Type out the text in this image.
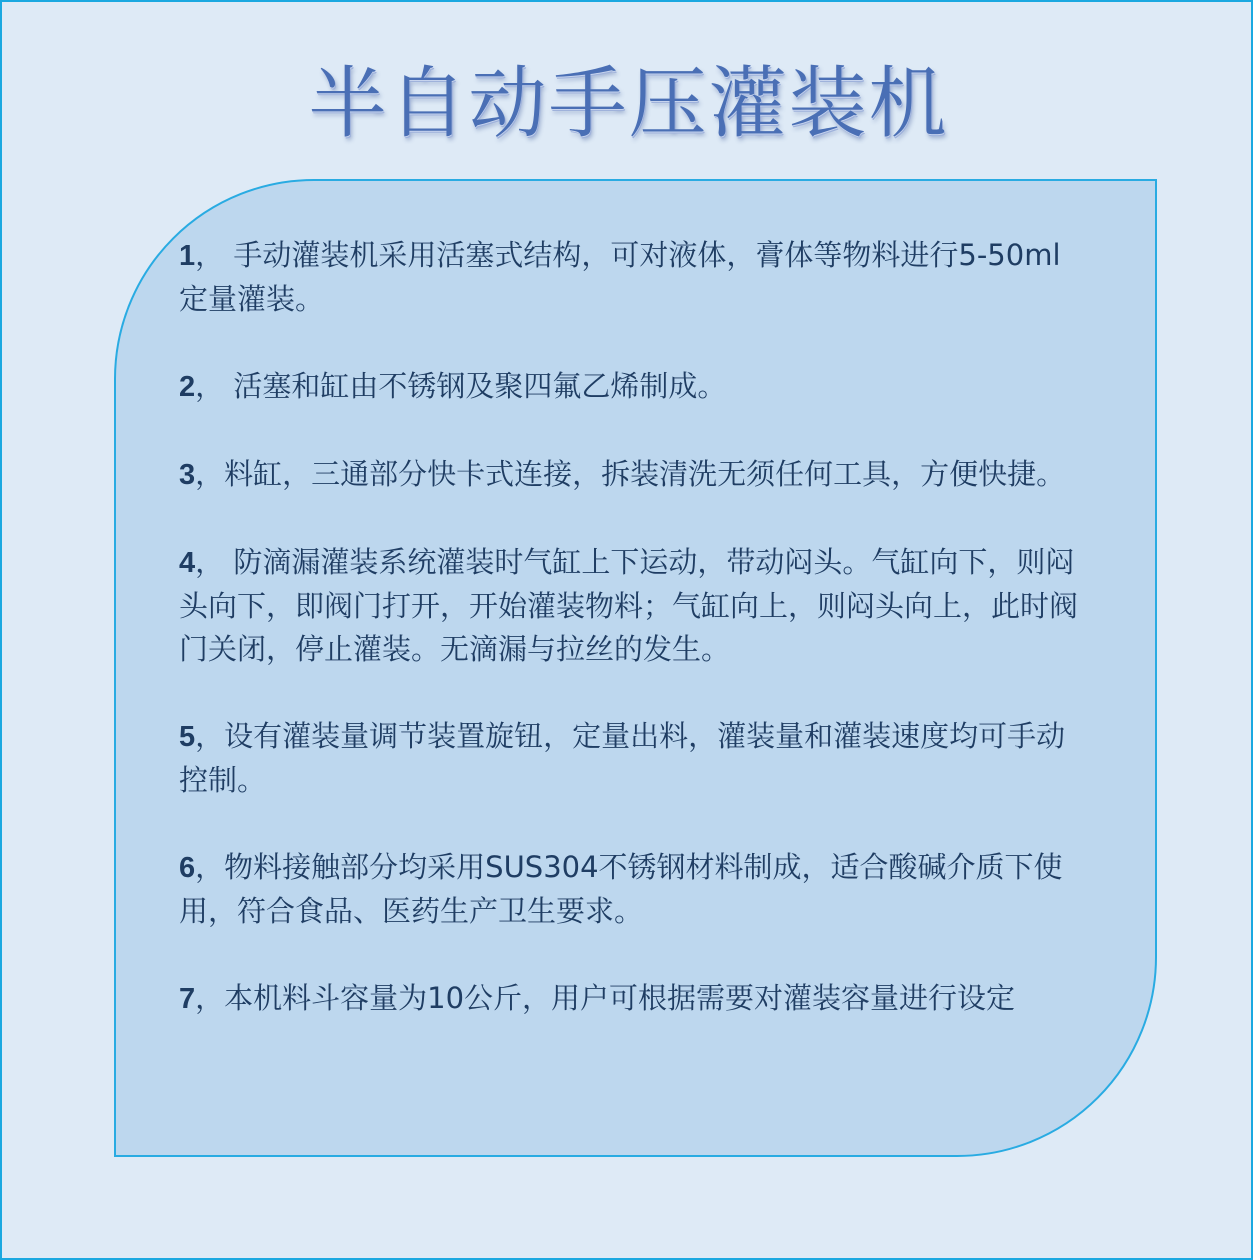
半自动手压灌装机

1， 手动灌装机采用活塞式结构，可对液体，膏体等物料进行5-50ml定量灌装。

2， 活塞和缸由不锈钢及聚四氟乙烯制成。

3，料缸，三通部分快卡式连接，拆装清洗无须任何工具，方便快捷。

4， 防滴漏灌装系统灌装时气缸上下运动，带动闷头。气缸向下，则闷头向下，即阀门打开，开始灌装物料；气缸向上，则闷头向上，此时阀门关闭，停止灌装。无滴漏与拉丝的发生。

5，设有灌装量调节装置旋钮，定量出料，灌装量和灌装速度均可手动控制。

6，物料接触部分均采用SUS304不锈钢材料制成，适合酸碱介质下使用，符合食品、医药生产卫生要求。

7，本机料斗容量为10公斤，用户可根据需要对灌装容量进行设定
